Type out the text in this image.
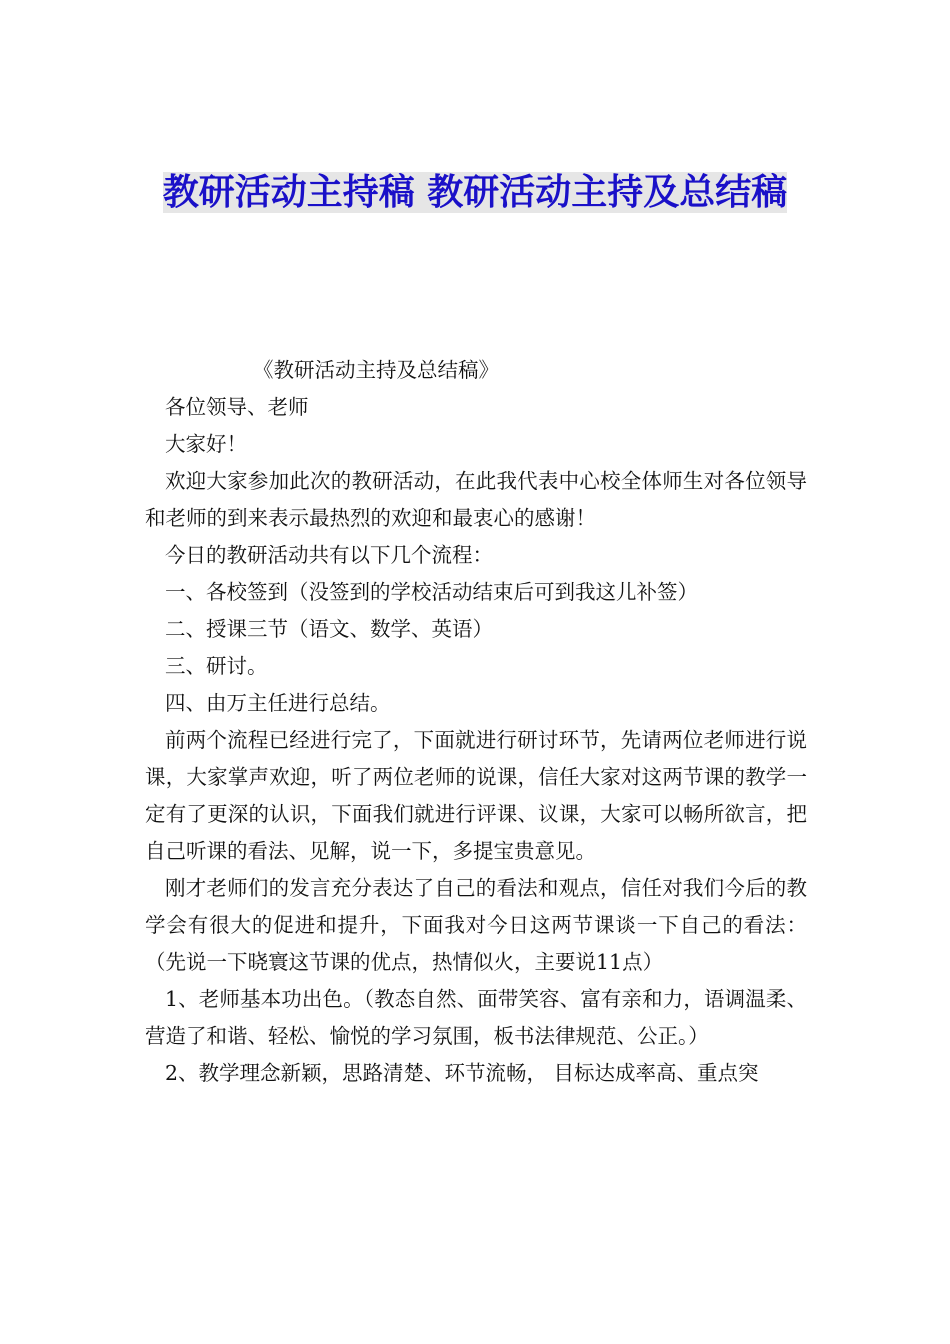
教研活动主持稿 教研活动主持及总结稿

《教研活动主持及总结稿》

各位领导、老师

大家好！

欢迎大家参加此次的教研活动，在此我代表中心校全体师生对各位领导和老师的到来表示最热烈的欢迎和最衷心的感谢！

今日的教研活动共有以下几个流程：

一、各校签到（没签到的学校活动结束后可到我这儿补签）

二、授课三节（语文、数学、英语）

三、研讨。

四、由万主任进行总结。

前两个流程已经进行完了，下面就进行研讨环节，先请两位老师进行说课，大家掌声欢迎，听了两位老师的说课，信任大家对这两节课的教学一定有了更深的认识，下面我们就进行评课、议课，大家可以畅所欲言，把自己听课的看法、见解，说一下，多提宝贵意见。

刚才老师们的发言充分表达了自己的看法和观点，信任对我们今后的教学会有很大的促进和提升，下面我对今日这两节课谈一下自己的看法：（先说一下晓寰这节课的优点，热情似火，主要说11点）

1、老师基本功出色。（教态自然、面带笑容、富有亲和力，语调温柔、营造了和谐、轻松、愉悦的学习氛围，板书法律规范、公正。）

2、教学理念新颖，思路清楚、环节流畅， 目标达成率高、重点突
